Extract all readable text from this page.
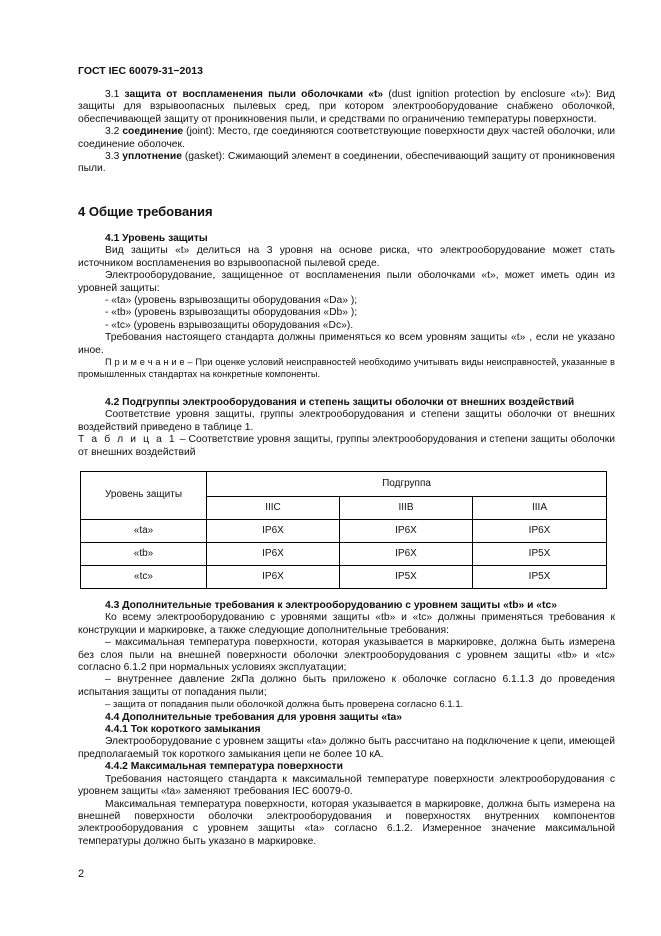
ГОСТ IEC 60079-31−2013

3.1 защита от воспламенения пыли оболочками «t» (dust ignition protection by enclosure «t»): Вид защиты для взрывоопасных пылевых сред, при котором электрооборудование снабжено оболочкой, обеспечивающей защиту от проникновения пыли, и средствами по ограничению температуры поверхности.

3.2 соединение (joint): Место, где соединяются соответствующие поверхности двух частей оболочки, или соединение оболочек.

3.3 уплотнение (gasket): Сжимающий элемент в соединении, обеспечивающий защиту от проникновения пыли.

4 Общие требования

4.1 Уровень защиты

Вид защиты «t» делиться на 3 уровня на основе риска, что электрооборудование может стать источником воспламенения во взрывоопасной пылевой среде.

Электрооборудование, защищенное от воспламенения пыли оболочками «t», может иметь один из уровней защиты:

- «ta» (уровень взрывозащиты оборудования «Da» );

- «tb» (уровень взрывозащиты оборудования «Db» );

- «tc» (уровень взрывозащиты оборудования «Dc»).

Требования настоящего стандарта должны применяться ко всем уровням защиты «t» , если не указано иное.

П р и м е ч а н и е – При оценке условий неисправностей необходимо учитывать виды неисправностей, указанные в промышленных стандартах на конкретные компоненты.

4.2 Подгруппы электрооборудования и степень защиты оболочки от внешних воздействий

Соответствие уровня защиты, группы электрооборудования и степени защиты оболочки от внешних воздействий приведено в таблице 1.

Т а б л и ц а 1 – Соответствие уровня защиты, группы электрооборудования и степени защиты оболочки от внешних воздействий

Уровень защиты	Подгруппа		
	IIIC	IIIB	IIIA
«ta»	IP6X	IP6X	IP6X
«tb»	IP6X	IP6X	IP5X
«tc»	IP6X	IP5X	IP5X

4.3 Дополнительные требования к электрооборудованию с уровнем защиты «tb» и «tc»

Ко всему электрооборудованию с уровнями защиты «tb» и «tc» должны применяться требования к конструкции и маркировке, а также следующие дополнительные требования:

– максимальная температура поверхности, которая указывается в маркировке, должна быть измерена без слоя пыли на внешней поверхности оболочки электрооборудования с уровнем защиты «tb» и «tc» согласно 6.1.2 при нормальных условиях эксплуатации;

– внутреннее давление 2кПа должно быть приложено к оболочке согласно 6.1.1.3 до проведения испытания защиты от попадания пыли;

– защита от попадания пыли оболочкой должна быть проверена согласно 6.1.1.

4.4 Дополнительные требования для уровня защиты «ta»

4.4.1 Ток короткого замыкания

Электрооборудование с уровнем защиты «ta» должно быть рассчитано на подключение к цепи, имеющей предполагаемый ток короткого замыкания цепи не более 10 кА.

4.4.2 Максимальная температура поверхности

Требования настоящего стандарта к максимальной температуре поверхности электрооборудования с уровнем защиты «ta» заменяют требования IEC 60079-0.

Максимальная температура поверхности, которая указывается в маркировке, должна быть измерена на внешней поверхности оболочки электрооборудования и поверхностях внутренних компонентов электрооборудования с уровнем защиты «ta» согласно 6.1.2. Измеренное значение максимальной температуры должно быть указано в маркировке.

2
